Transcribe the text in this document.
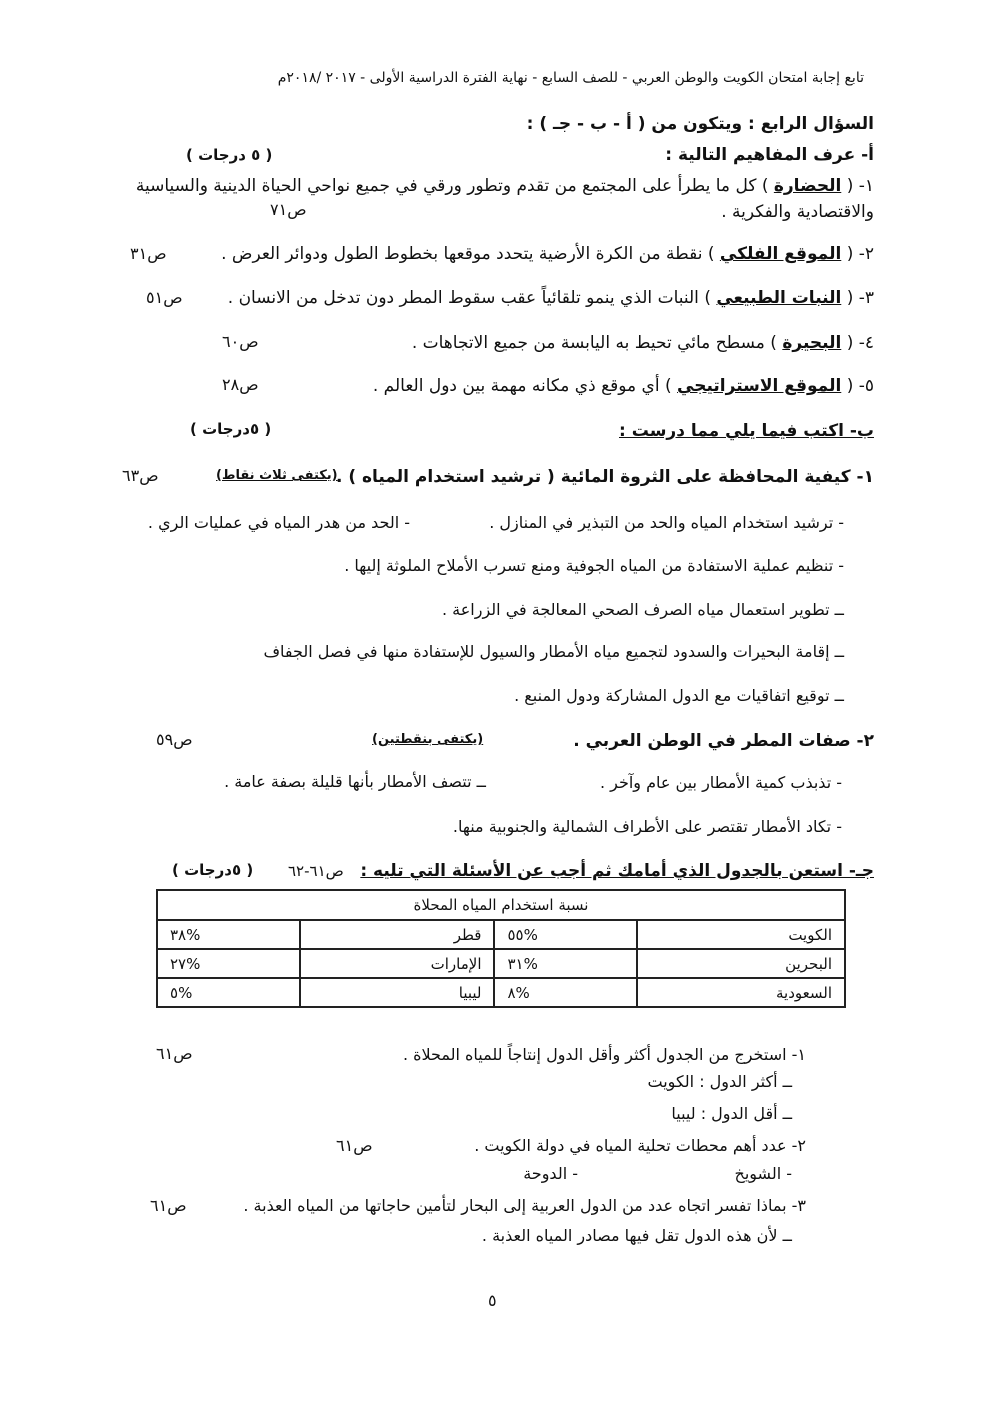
تابع إجابة امتحان الكويت والوطن العربي - للصف السابع - نهاية الفترة الدراسية الأولى - ٢٠١٧ /٢٠١٨م
السؤال الرابع : ويتكون من ( أ - ب - جـ ) :
أ- عرف المفاهيم التالية :
( ٥ درجات )
١- ( الحضارة ) كل ما يطرأ على المجتمع من تقدم وتطور ورقي في جميع نواحي الحياة الدينية والسياسية
والاقتصادية والفكرية .
ص٧١
٢- ( الموقع الفلكي ) نقطة من الكرة الأرضية يتحدد موقعها بخطوط الطول ودوائر العرض .
ص٣١
٣- ( النبات الطبيعي ) النبات الذي ينمو تلقائياً عقب سقوط المطر دون تدخل من الانسان .
ص٥١
٤- ( البحيرة ) مسطح مائي تحيط به اليابسة من جميع الاتجاهات .
ص٦٠
٥- ( الموقع الاستراتيجي ) أي موقع ذي مكانه مهمة بين دول العالم .
ص٢٨
ب- اكتب فيما يلي مما درست :
( ٥درجات )
١- كيفية المحافظة على الثروة المائية ( ترشيد استخدام المياه ) .
(يكتفى ثلاث نقاط)
ص٦٣
- ترشيد استخدام المياه والحد من التبذير في المنازل .
- الحد من هدر المياه في عمليات الري .
- تنظيم عملية الاستفادة من المياه الجوفية ومنع تسرب الأملاح الملوثة إليها .
ــ تطوير استعمال مياه الصرف الصحي المعالجة في الزراعة .
ــ إقامة البحيرات والسدود لتجميع مياه الأمطار والسيول للإستفادة منها في فصل الجفاف
ــ توقيع اتفاقيات مع الدول المشاركة ودول المنبع .
٢- صفات المطر في الوطن العربي .
(يكتفى بنقطتين)
ص٥٩
- تذبذب كمية الأمطار بين عام وآخر .
ــ تتصف الأمطار بأنها قليلة بصفة عامة .
- تكاد الأمطار تقتصر على الأطراف الشمالية والجنوبية منها.
جـ- استعن بالجدول الذي أمامك ثم أجب عن الأسئلة التي تليه :
ص٦١-٦٢
( ٥درجات )
نسبة استخدام المياه المحلاة			
الكويت	%٥٥	قطر	%٣٨
البحرين	%٣١	الإمارات	%٢٧
السعودية	%٨	ليبيا	%٥
١- استخرج من الجدول أكثر وأقل الدول إنتاجاً للمياه المحلاة .
ص٦١
ــ أكثر الدول : الكويت
ــ أقل الدول : ليبيا
٢- عدد أهم محطات تحلية المياه في دولة الكويت .
ص٦١
- الشويخ
- الدوحة
٣- بماذا تفسر اتجاه عدد من الدول العربية إلى البحار لتأمين حاجاتها من المياه العذبة .
ص٦١
ــ لأن هذه الدول تقل فيها مصادر المياه العذبة .
٥
